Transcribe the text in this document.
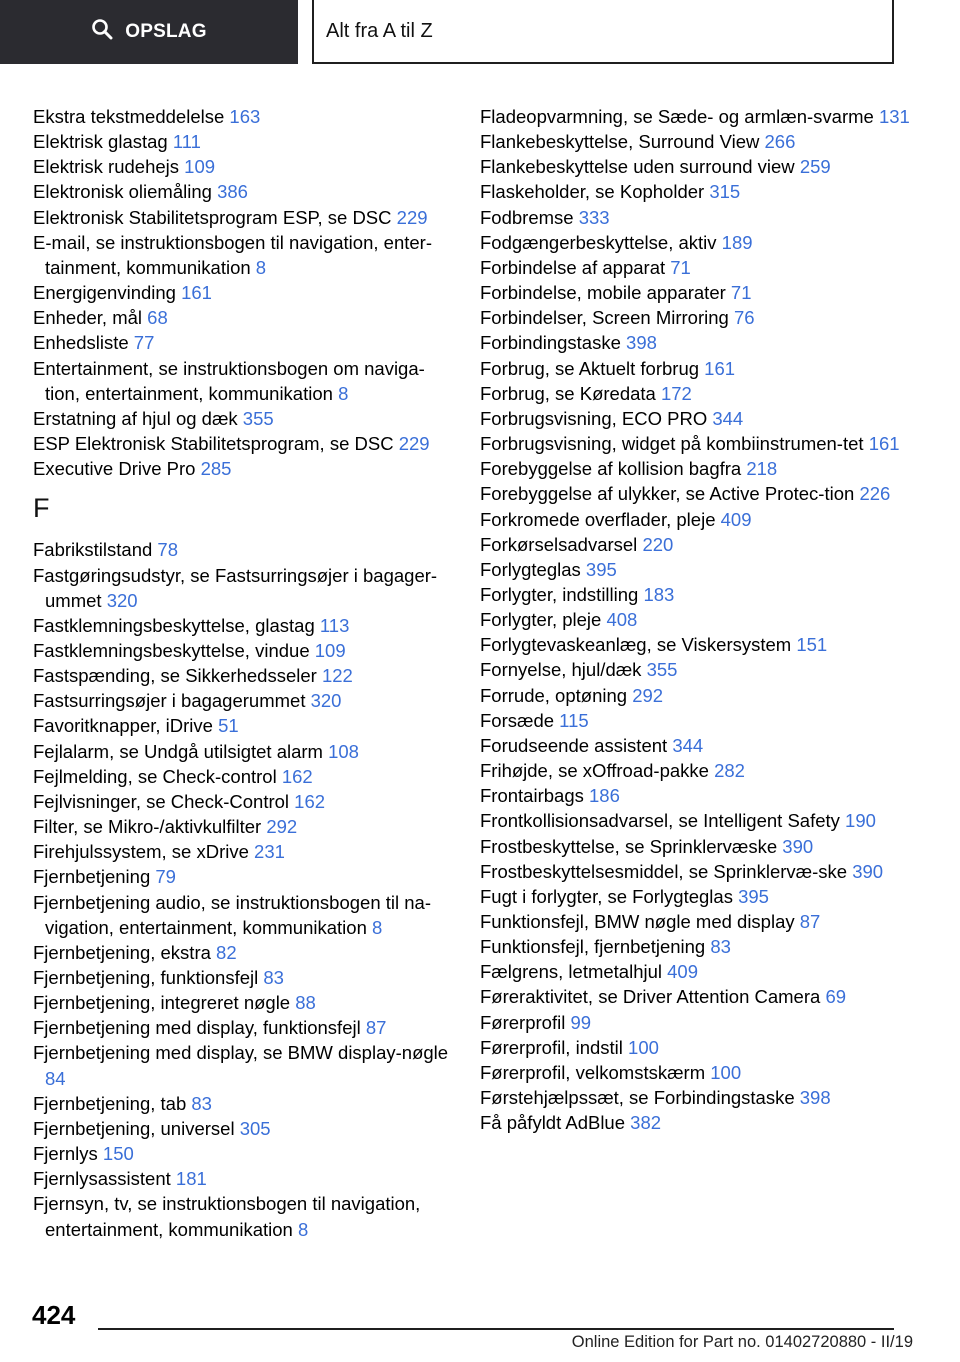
OPSLAG	Alt fra A til Z
Ekstra tekstmeddelelse 163
Elektrisk glastag 111
Elektrisk rudehejs 109
Elektronisk oliemåling 386
Elektronisk Stabilitetsprogram ESP, se DSC 229
E-mail, se instruktionsbogen til navigation, enter-tainment, kommunikation 8
Energigenvinding 161
Enheder, mål 68
Enhedsliste 77
Entertainment, se instruktionsbogen om naviga-tion, entertainment, kommunikation 8
Erstatning af hjul og dæk 355
ESP Elektronisk Stabilitetsprogram, se DSC 229
Executive Drive Pro 285
F
Fabrikstilstand 78
Fastgøringsudstyr, se Fastsurringsøjer i bagager-ummet 320
Fastklemningsbeskyttelse, glastag 113
Fastklemningsbeskyttelse, vindue 109
Fastspænding, se Sikkerhedsseler 122
Fastsurringsøjer i bagagerummet 320
Favoritknapper, iDrive 51
Fejlalarm, se Undgå utilsigtet alarm 108
Fejlmelding, se Check-control 162
Fejlvisninger, se Check-Control 162
Filter, se Mikro-/aktivkulfilter 292
Firehjulssystem, se xDrive 231
Fjernbetjening 79
Fjernbetjening audio, se instruktionsbogen til na-vigation, entertainment, kommunikation 8
Fjernbetjening, ekstra 82
Fjernbetjening, funktionsfejl 83
Fjernbetjening, integreret nøgle 88
Fjernbetjening med display, funktionsfejl 87
Fjernbetjening med display, se BMW display-nøgle 84
Fjernbetjening, tab 83
Fjernbetjening, universel 305
Fjernlys 150
Fjernlysassistent 181
Fjernsyn, tv, se instruktionsbogen til navigation, entertainment, kommunikation 8
Fladeopvarmning, se Sæde- og armlæn-svarme 131
Flankebeskyttelse, Surround View 266
Flankebeskyttelse uden surround view 259
Flaskeholder, se Kopholder 315
Fodbremse 333
Fodgængerbeskyttelse, aktiv 189
Forbindelse af apparat 71
Forbindelse, mobile apparater 71
Forbindelser, Screen Mirroring 76
Forbindingstaske 398
Forbrug, se Aktuelt forbrug 161
Forbrug, se Køredata 172
Forbrugsvisning, ECO PRO 344
Forbrugsvisning, widget på kombiinstrumen-tet 161
Forebyggelse af kollision bagfra 218
Forebyggelse af ulykker, se Active Protec-tion 226
Forkromede overflader, pleje 409
Forkørselsadvarsel 220
Forlygteglas 395
Forlygter, indstilling 183
Forlygter, pleje 408
Forlygtevaskeanlæg, se Viskersystem 151
Fornyelse, hjul/dæk 355
Forrude, optøning 292
Forsæde 115
Forudseende assistent 344
Frihøjde, se xOffroad-pakke 282
Frontairbags 186
Frontkollisionsadvarsel, se Intelligent Safety 190
Frostbeskyttelse, se Sprinklervæske 390
Frostbeskyttelsesmiddel, se Sprinklervæ-ske 390
Fugt i forlygter, se Forlygteglas 395
Funktionsfejl, BMW nøgle med display 87
Funktionsfejl, fjernbetjening 83
Fælgrens, letmetalhjul 409
Føreraktivitet, se Driver Attention Camera 69
Førerprofil 99
Førerprofil, indstil 100
Førerprofil, velkomstskærm 100
Førstehjælpssæt, se Forbindingstaske 398
Få påfyldt AdBlue 382
424
Online Edition for Part no. 01402720880 - II/19
